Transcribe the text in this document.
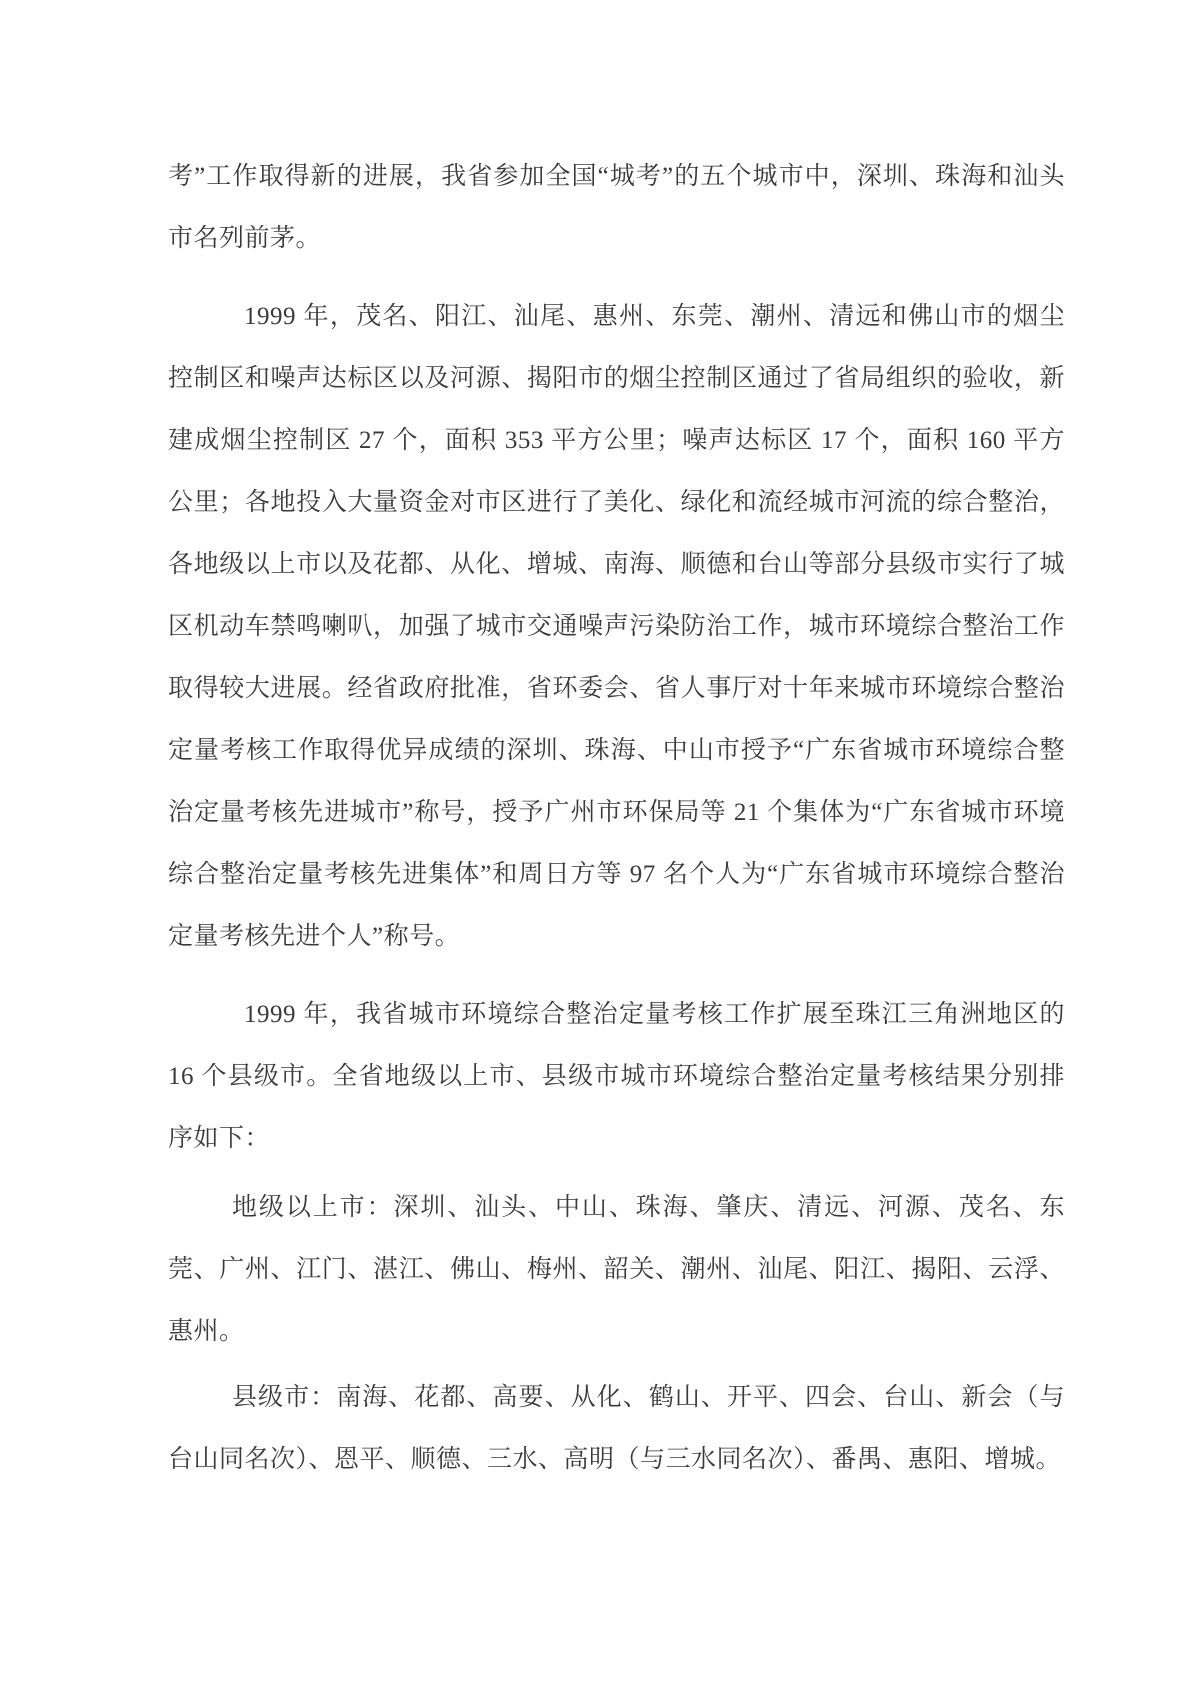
考”工作取得新的进展，我省参加全国“城考”的五个城市中，深圳、珠海和汕头市名列前茅。

1999 年，茂名、阳江、汕尾、惠州、东莞、潮州、清远和佛山市的烟尘控制区和噪声达标区以及河源、揭阳市的烟尘控制区通过了省局组织的验收，新建成烟尘控制区 27 个，面积 353 平方公里；噪声达标区 17 个，面积 160 平方公里；各地投入大量资金对市区进行了美化、绿化和流经城市河流的综合整治，各地级以上市以及花都、从化、增城、南海、顺德和台山等部分县级市实行了城区机动车禁鸣喇叭，加强了城市交通噪声污染防治工作，城市环境综合整治工作取得较大进展。经省政府批准，省环委会、省人事厅对十年来城市环境综合整治定量考核工作取得优异成绩的深圳、珠海、中山市授予“广东省城市环境综合整治定量考核先进城市”称号，授予广州市环保局等 21 个集体为“广东省城市环境综合整治定量考核先进集体”和周日方等 97 名个人为“广东省城市环境综合整治定量考核先进个人”称号。

1999 年，我省城市环境综合整治定量考核工作扩展至珠江三角洲地区的 16 个县级市。全省地级以上市、县级市城市环境综合整治定量考核结果分别排序如下：

地级以上市：深圳、汕头、中山、珠海、肇庆、清远、河源、茂名、东莞、广州、江门、湛江、佛山、梅州、韶关、潮州、汕尾、阳江、揭阳、云浮、惠州。

县级市：南海、花都、高要、从化、鹤山、开平、四会、台山、新会（与台山同名次）、恩平、顺德、三水、高明（与三水同名次）、番禺、惠阳、增城。
